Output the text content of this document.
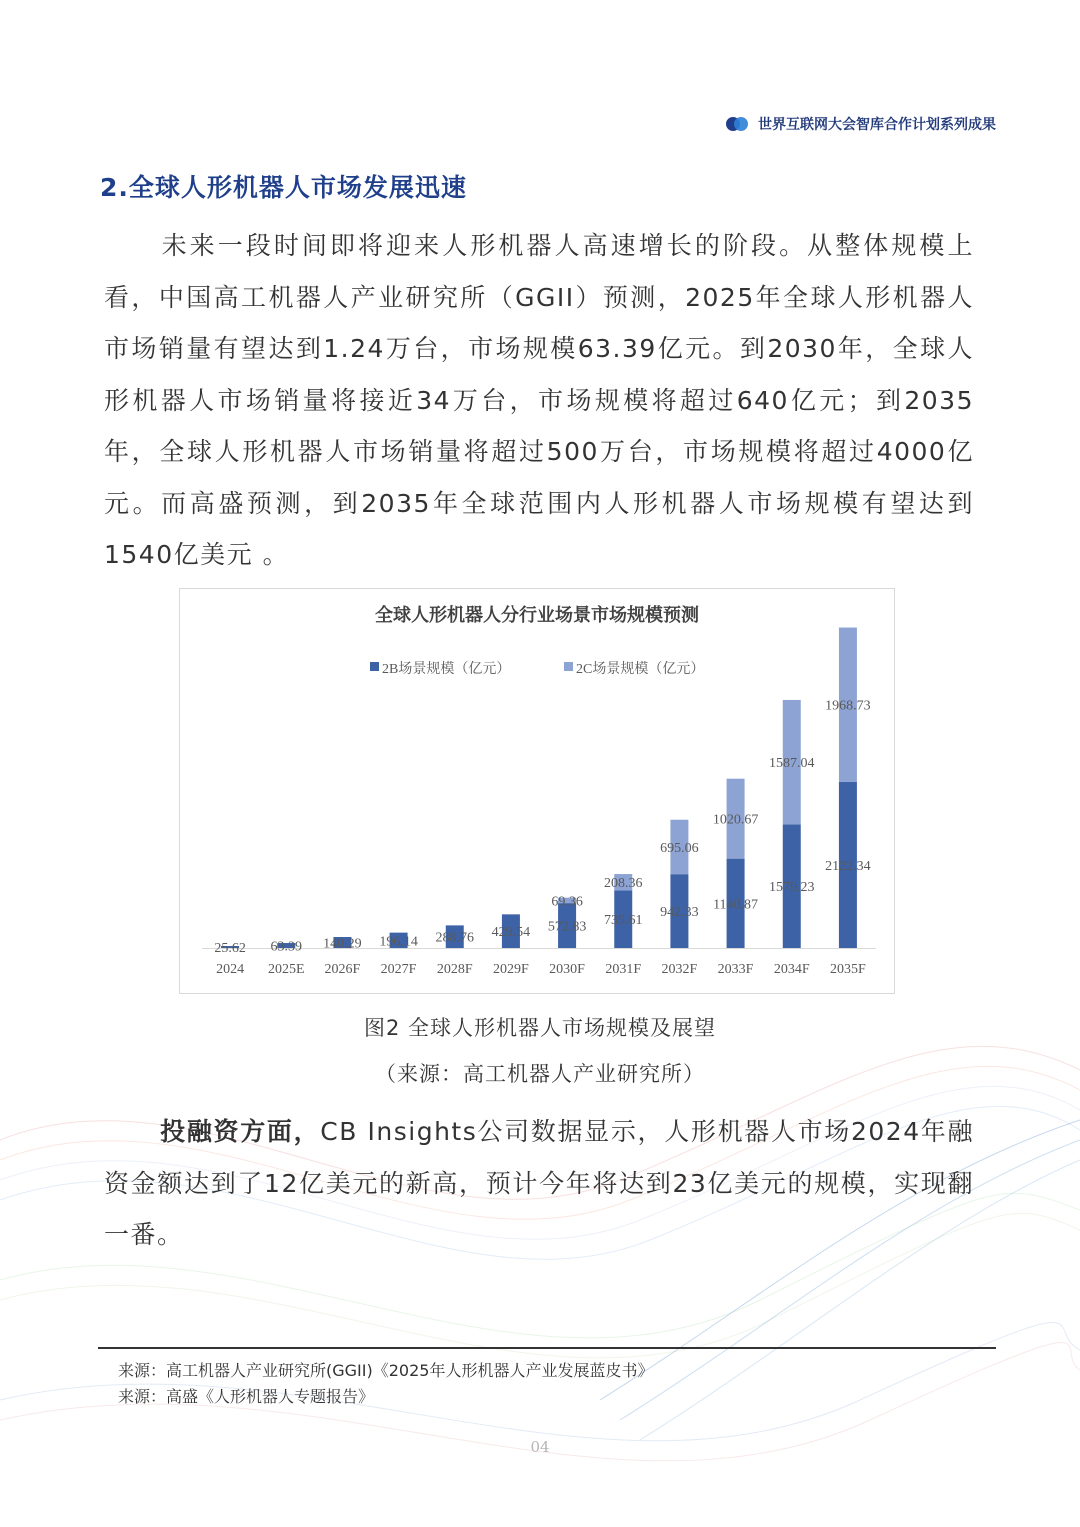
世界互联网大会智库合作计划系列成果
2.全球人形机器人市场发展迅速

未来一段时间即将迎来人形机器人高速增长的阶段。从整体规模上看，中国高工机器人产业研究所（GGII）预测，2025年全球人形机器人市场销量有望达到1.24万台，市场规模63.39亿元。到2030年，全球人形机器人市场销量将接近34万台，市场规模将超过640亿元；到2035年，全球人形机器人市场销量将超过500万台，市场规模将超过4000亿元。而高盛预测，到2035年全球范围内人形机器人市场规模有望达到1540亿美元 。

全球人形机器人分行业场景市场规模预测
2B场景规模（亿元）	2C场景规模（亿元）
25.62
2024
63.39
2025E
140.29
2026F
196.14
2027F
288.76
2028F
429.54
2029F
572.83
69.36
2030F
735.61
208.36
2031F
942.33
695.06
2032F
1140.87
1020.67
2033F
1579.23
1587.04
2034F
2122.34
1968.73
2035F
图2 全球人形机器人市场规模及展望
（来源：高工机器人产业研究所）

投融资方面，CB Insights公司数据显示，人形机器人市场2024年融资金额达到了12亿美元的新高，预计今年将达到23亿美元的规模，实现翻一番。

来源：高工机器人产业研究所(GGII)《2025年人形机器人产业发展蓝皮书》
来源：高盛《人形机器人专题报告》
04
